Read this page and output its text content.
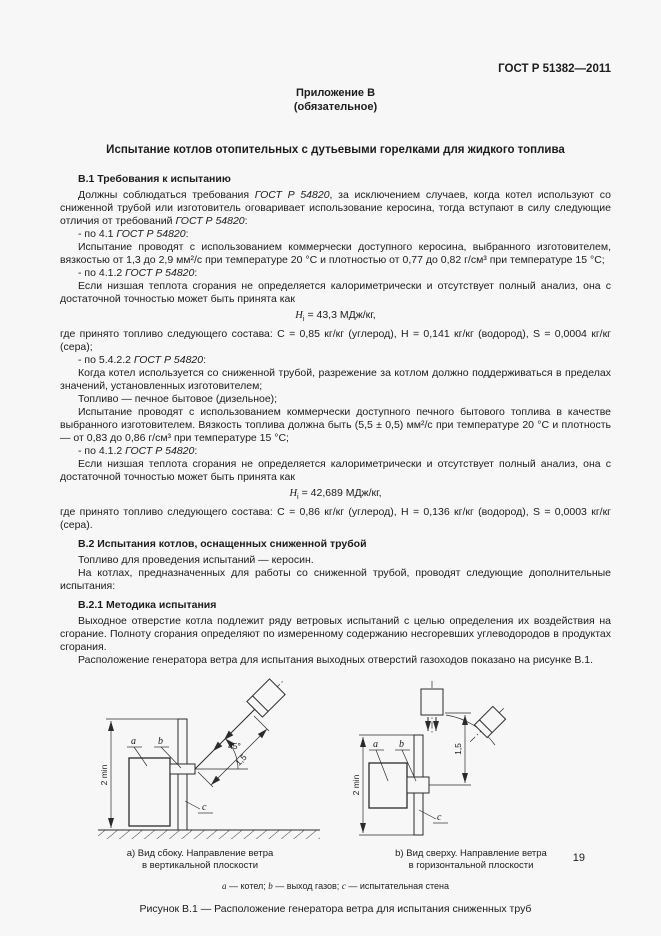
ГОСТ Р 51382—2011
Приложение В
(обязательное)
Испытание котлов отопительных с дутьевыми горелками для жидкого топлива
В.1 Требования к испытанию
Должны соблюдаться требования ГОСТ Р 54820, за исключением случаев, когда котел используют со сниженной трубой или изготовитель оговаривает использование керосина, тогда вступают в силу следующие отличия от требований ГОСТ Р 54820:
- по 4.1 ГОСТ Р 54820:
Испытание проводят с использованием коммерчески доступного керосина, выбранного изготовителем, вязкостью от 1,3 до 2,9 мм²/с при температуре 20 °С и плотностью от 0,77 до 0,82 г/см³ при температуре 15 °С;
- по 4.1.2 ГОСТ Р 54820:
Если низшая теплота сгорания не определяется калориметрически и отсутствует полный анализ, она с достаточной точностью может быть принята как
$H_i = 43,3$ МДж/кг,
где принято топливо следующего состава: С = 0,85 кг/кг (углерод), Н = 0,141 кг/кг (водород), S = 0,0004 кг/кг (сера);
- по 5.4.2.2 ГОСТ Р 54820:
Когда котел используется со сниженной трубой, разрежение за котлом должно поддерживаться в пределах значений, установленных изготовителем;
Топливо — печное бытовое (дизельное);
Испытание проводят с использованием коммерчески доступного печного бытового топлива в качестве выбранного изготовителем. Вязкость топлива должна быть (5,5 ± 0,5) мм²/с при температуре 20 °С и плотность — от 0,83 до 0,86 г/см³ при температуре 15 °С;
- по 4.1.2 ГОСТ Р 54820:
Если низшая теплота сгорания не определяется калориметрически и отсутствует полный анализ, она с достаточной точностью может быть принята как
$H_i = 42,689$ МДж/кг,
где принято топливо следующего состава: С = 0,86 кг/кг (углерод), Н = 0,136 кг/кг (водород), S = 0,0003 кг/кг (сера).
В.2 Испытания котлов, оснащенных сниженной трубой
Топливо для проведения испытаний — керосин.
На котлах, предназначенных для работы со сниженной трубой, проводят следующие дополнительные испытания:
В.2.1 Методика испытания
Выходное отверстие котла подлежит ряду ветровых испытаний с целью определения их воздействия на сгорание. Полноту сгорания определяют по измеренному содержанию несгоревших углеводородов в продуктах сгорания.
Расположение генератора ветра для испытания выходных отверстий газоходов показано на рисунке В.1.
2 min
a b	45°
1,5
c
а) Вид сбоку. Направление ветра
в вертикальной плоскости
2 min
1,5
a b
c
b) Вид сверху. Направление ветра
в горизонтальной плоскости
а — котел; b — выход газов; с — испытательная стена
Рисунок В.1 — Расположение генератора ветра для испытания сниженных труб
19
